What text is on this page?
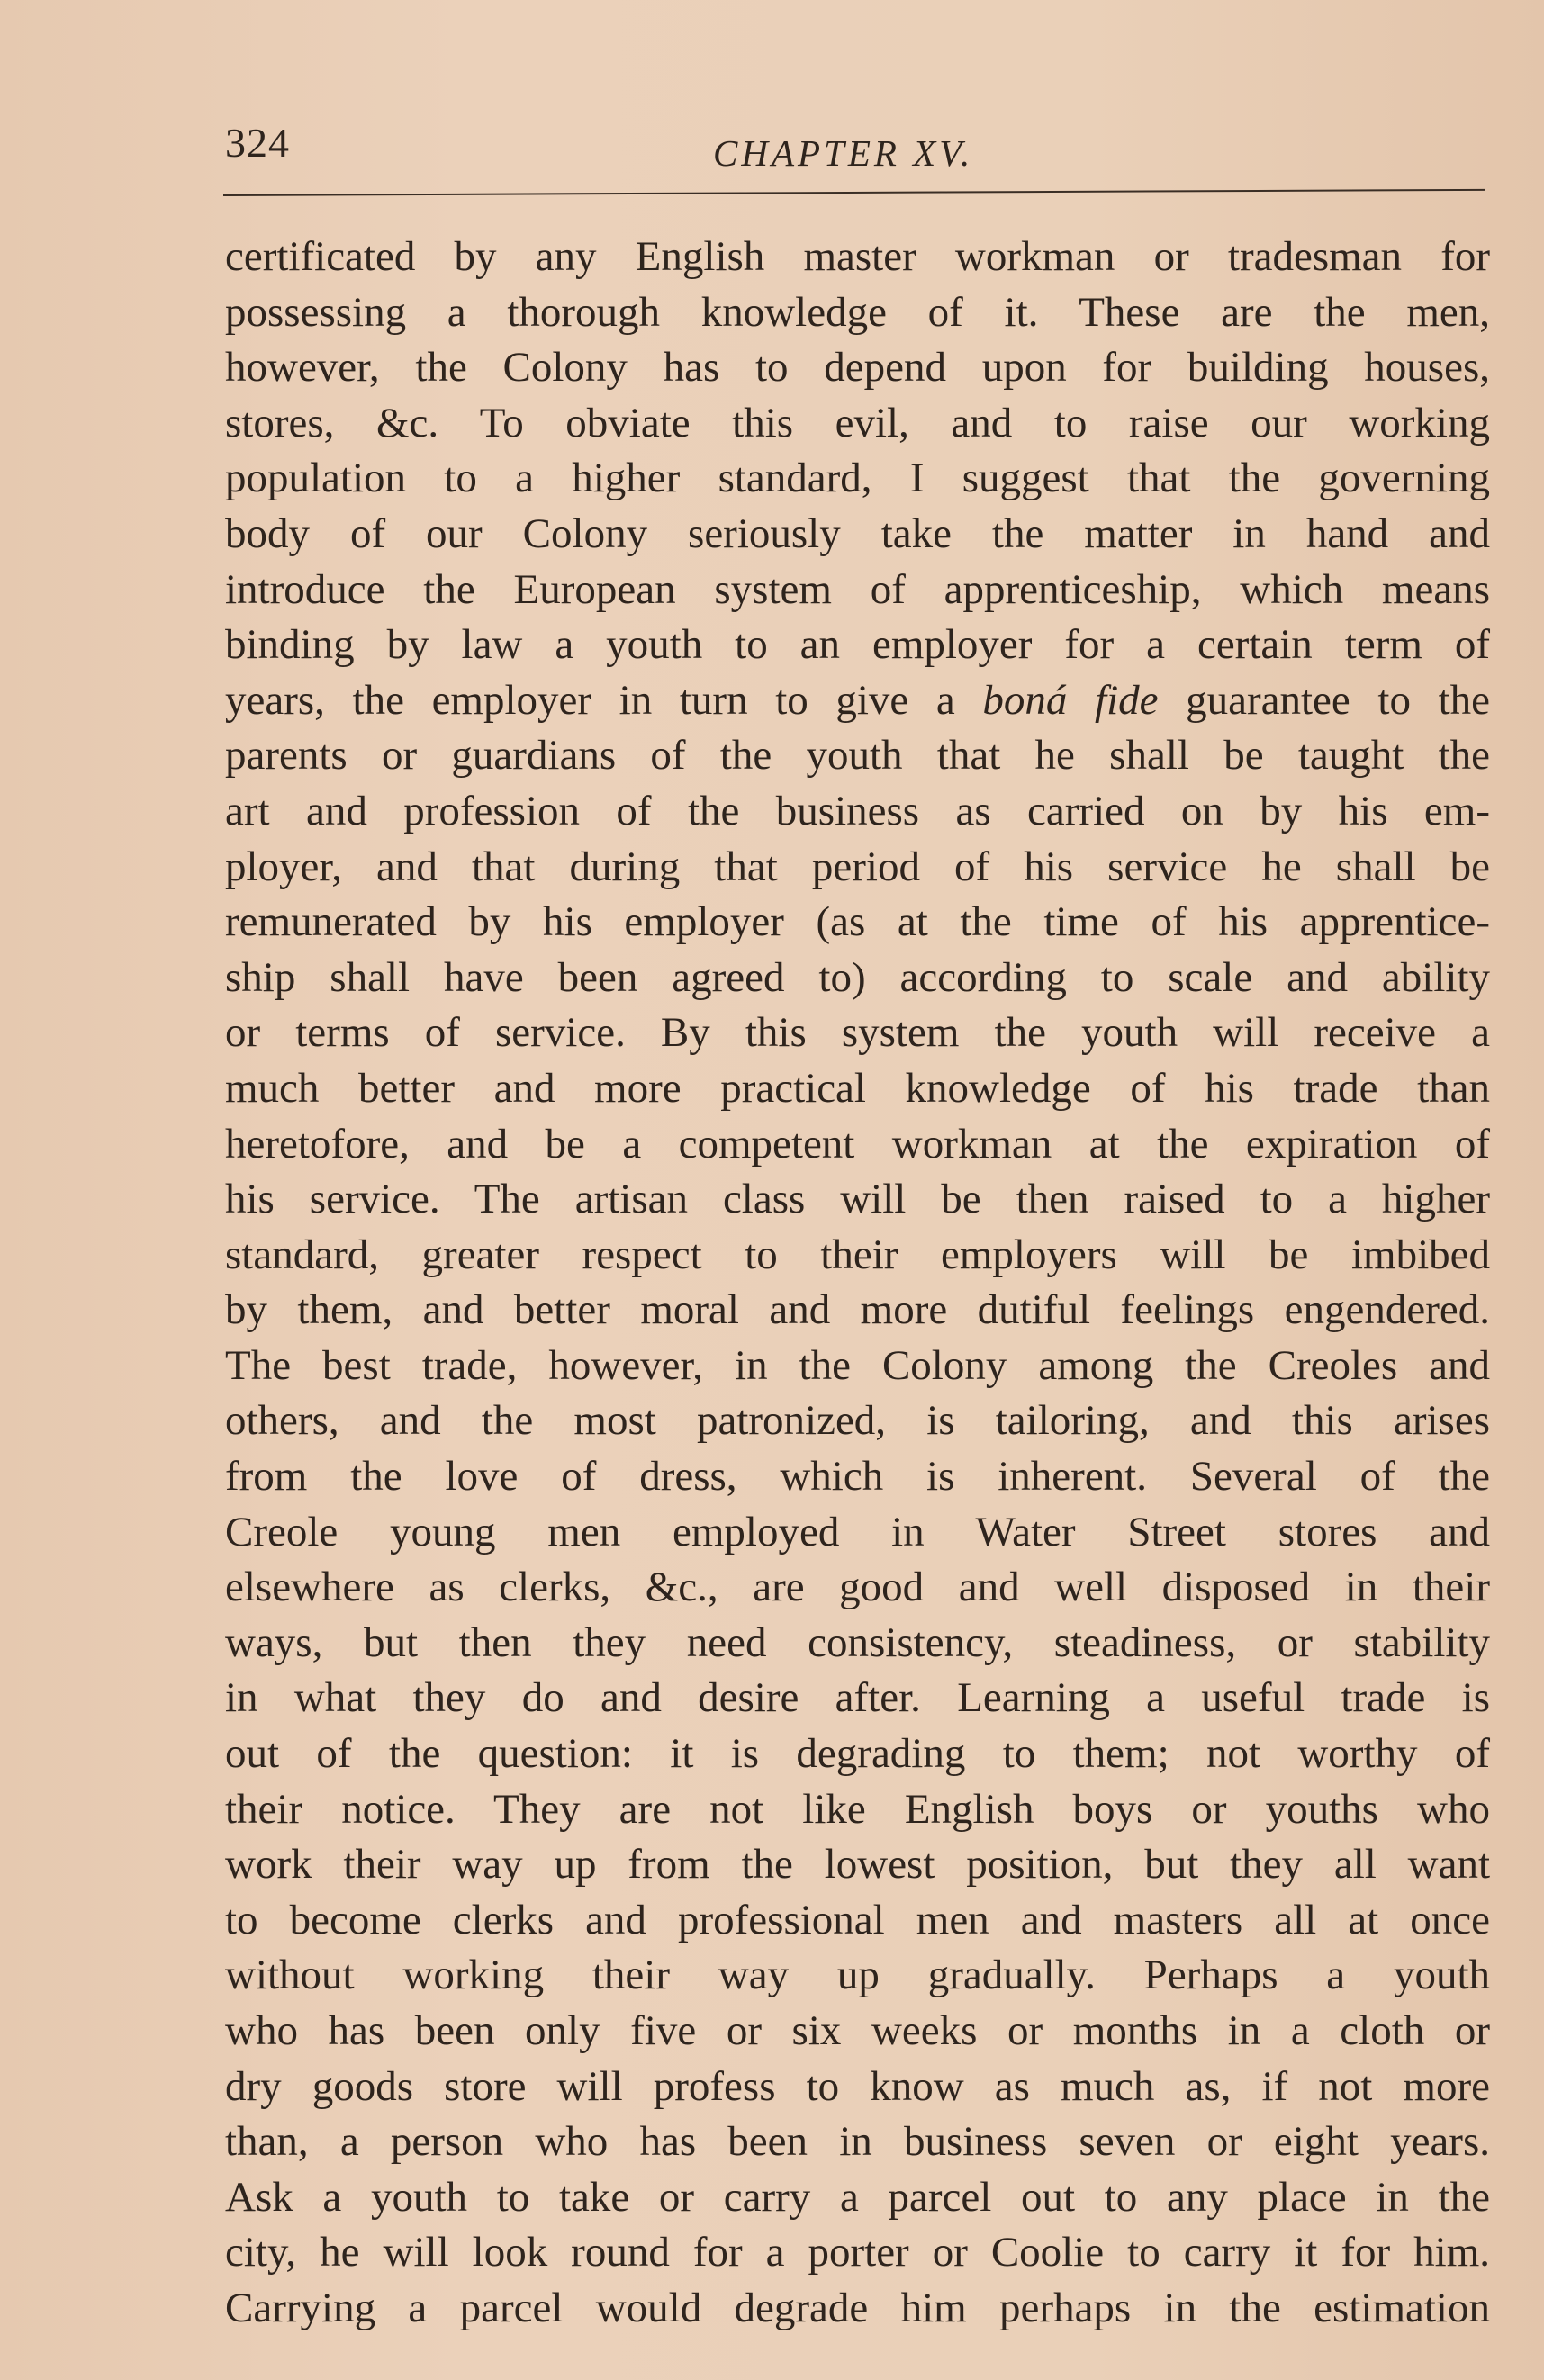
324	CHAPTER XV.
certificated by any English master workman or tradesman for
possessing a thorough knowledge of it. These are the men,
however, the Colony has to depend upon for building houses,
stores, &c. To obviate this evil, and to raise our working
population to a higher standard, I suggest that the governing
body of our Colony seriously take the matter in hand and
introduce the European system of apprenticeship, which means
binding by law a youth to an employer for a certain term of
years, the employer in turn to give a boná fide guarantee to the
parents or guardians of the youth that he shall be taught the
art and profession of the business as carried on by his em-
ployer, and that during that period of his service he shall be
remunerated by his employer (as at the time of his apprentice-
ship shall have been agreed to) according to scale and ability
or terms of service. By this system the youth will receive a
much better and more practical knowledge of his trade than
heretofore, and be a competent workman at the expiration of
his service. The artisan class will be then raised to a higher
standard, greater respect to their employers will be imbibed
by them, and better moral and more dutiful feelings engendered.
The best trade, however, in the Colony among the Creoles and
others, and the most patronized, is tailoring, and this arises
from the love of dress, which is inherent. Several of the
Creole young men employed in Water Street stores and
elsewhere as clerks, &c., are good and well disposed in their
ways, but then they need consistency, steadiness, or stability
in what they do and desire after. Learning a useful trade is
out of the question: it is degrading to them; not worthy of
their notice. They are not like English boys or youths who
work their way up from the lowest position, but they all want
to become clerks and professional men and masters all at once
without working their way up gradually. Perhaps a youth
who has been only five or six weeks or months in a cloth or
dry goods store will profess to know as much as, if not more
than, a person who has been in business seven or eight years.
Ask a youth to take or carry a parcel out to any place in the
city, he will look round for a porter or Coolie to carry it for him.
Carrying a parcel would degrade him perhaps in the estimation
